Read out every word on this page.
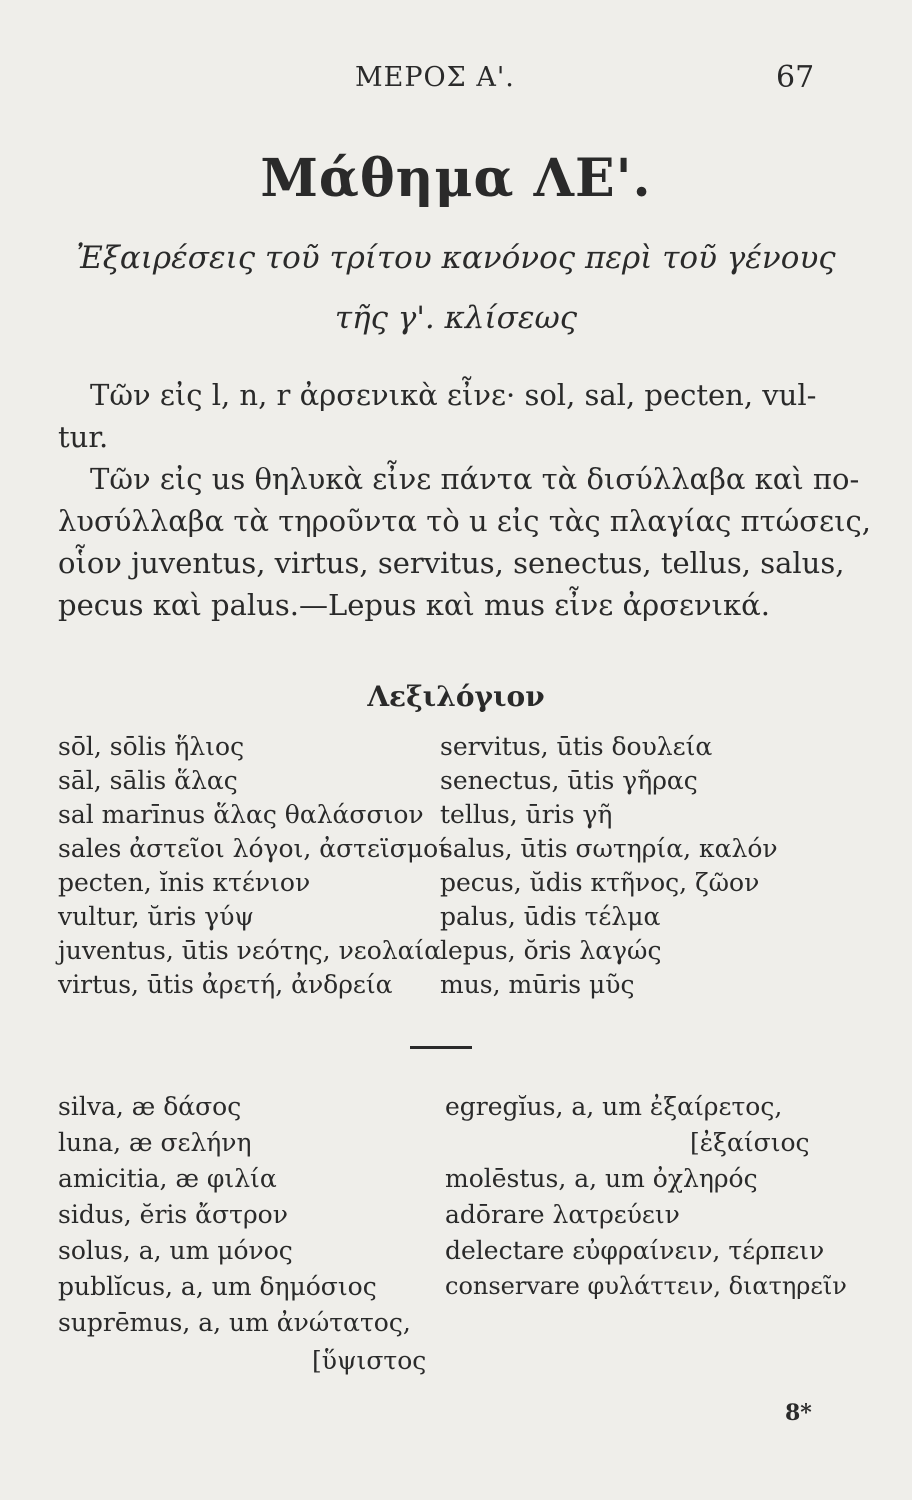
ΜΕΡΟΣ Α'.	67
Μάθημα ΛΕ'.
Ἐξαιρέσεις τοῦ τρίτου κανόνος περὶ τοῦ γένους
τῆς γ'. κλίσεως
Τῶν εἰς l, n, r ἀρσενικὰ εἶνε· sol, sal, pecten, vul-
tur.
Τῶν εἰς us θηλυκὰ εἶνε πάντα τὰ δισύλλαβα καὶ πο-
λυσύλλαβα τὰ τηροῦντα τὸ u εἰς τὰς πλαγίας πτώσεις,
οἷον juventus, virtus, servitus, senectus, tellus, salus,
pecus καὶ palus.—Lepus καὶ mus εἶνε ἀρσενικά.
Λεξιλόγιον
sōl, sōlis ἥλιος
sāl, sālis ἅλας
sal marīnus ἅλας θαλάσσιον
sales ἀστεῖοι λόγοι, ἀστεϊσμοί
pecten, ĭnis κτένιον
vultur, ŭris γύψ
juventus, ūtis νεότης, νεολαία
virtus, ūtis ἀρετή, ἀνδρεία
servitus, ūtis δουλεία
senectus, ūtis γῆρας
tellus, ūris γῆ
salus, ūtis σωτηρία, καλόν
pecus, ŭdis κτῆνος, ζῶον
palus, ūdis τέλμα
lepus, ŏris λαγώς
mus, mūris μῦς
silva, æ δάσος
luna, æ σελήνη
amicitia, æ φιλία
sidus, ĕris ἄστρον
solus, a, um μόνος
publĭcus, a, um δημόσιος
suprēmus, a, um ἀνώτατος,
[ὕψιστος
egregĭus, a, um ἐξαίρετος,
[ἐξαίσιος
molēstus, a, um ὀχληρός
adōrare λατρεύειν
delectare εὐφραίνειν, τέρπειν
conservare φυλάττειν, διατηρεῖν
8*
